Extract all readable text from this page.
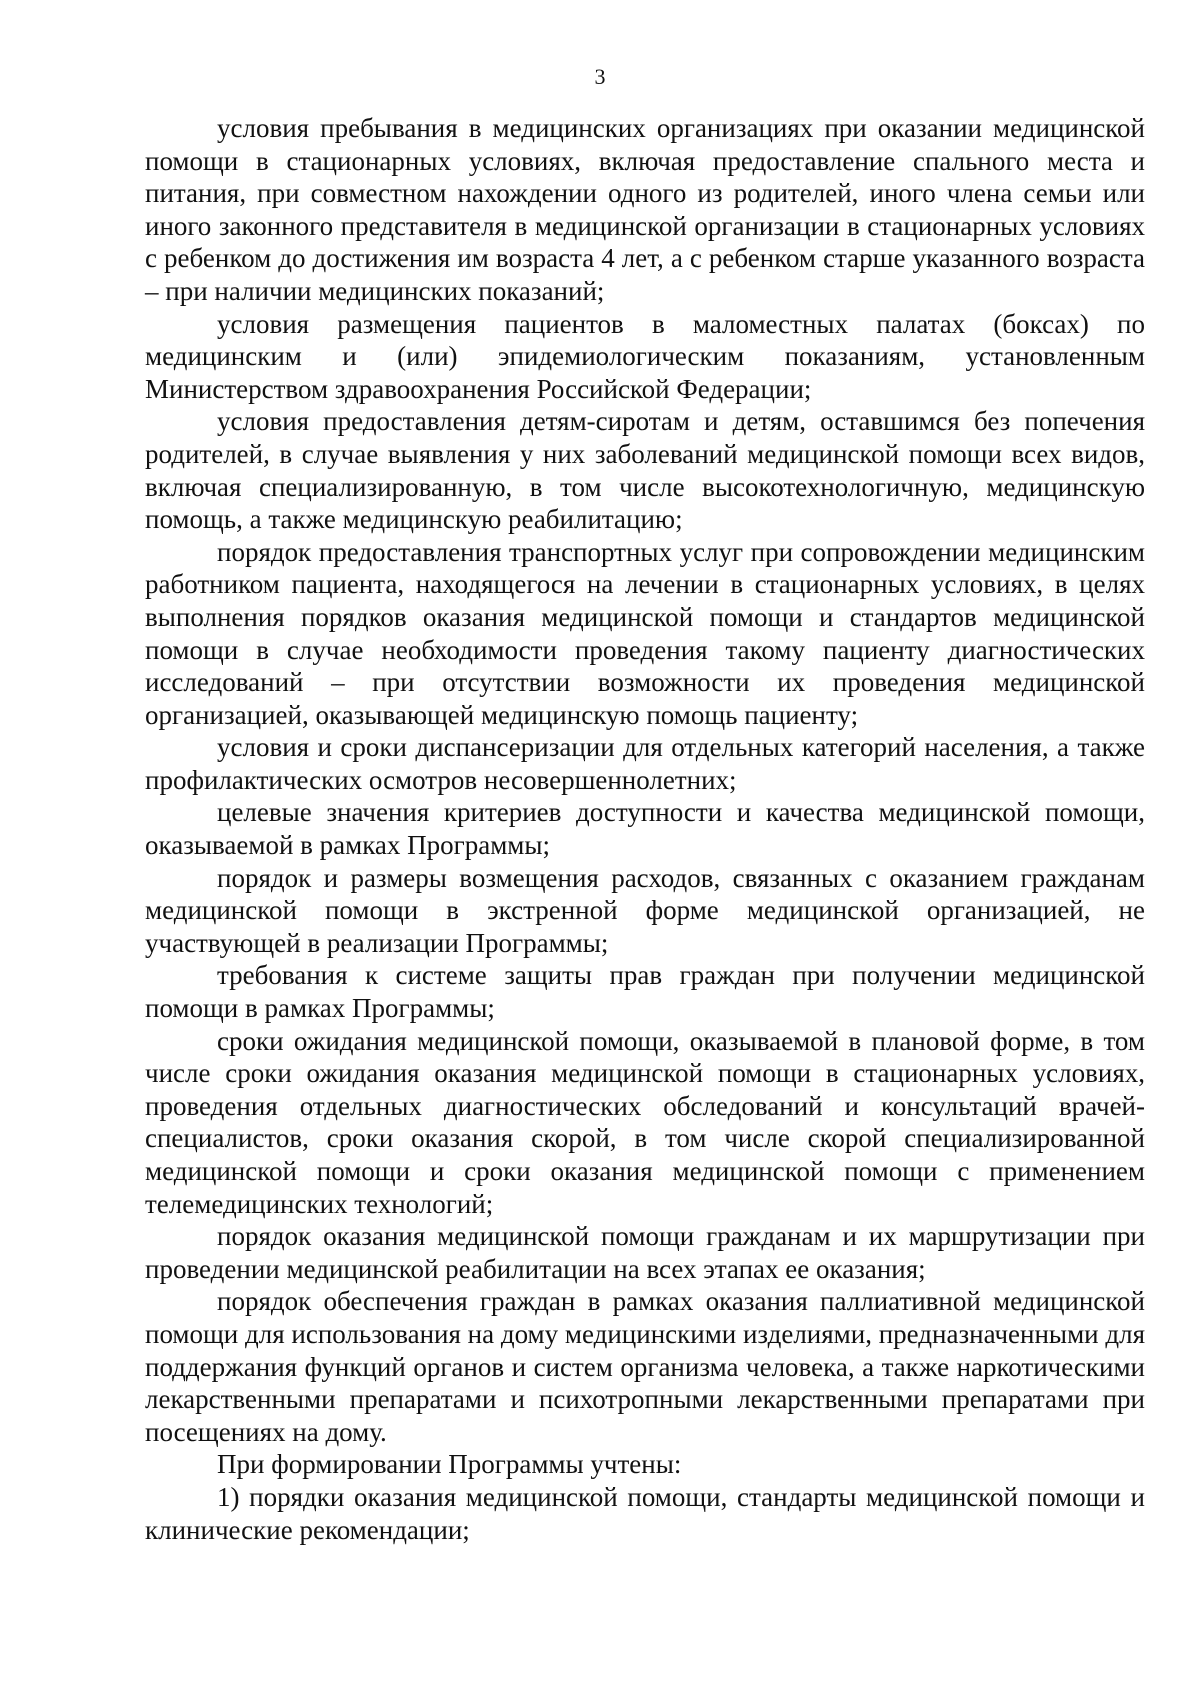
3

условия пребывания в медицинских организациях при оказании медицинской помощи в стационарных условиях, включая предоставление спального места и питания, при совместном нахождении одного из родителей, иного члена семьи или иного законного представителя в медицинской организации в стационарных условиях с ребенком до достижения им возраста 4 лет, а с ребенком старше указанного возраста – при наличии медицинских показаний;

условия размещения пациентов в маломестных палатах (боксах) по медицинским и (или) эпидемиологическим показаниям, установленным Министерством здравоохранения Российской Федерации;

условия предоставления детям-сиротам и детям, оставшимся без попечения родителей, в случае выявления у них заболеваний медицинской помощи всех видов, включая специализированную, в том числе высокотехнологичную, медицинскую помощь, а также медицинскую реабилитацию;

порядок предоставления транспортных услуг при сопровождении медицинским работником пациента, находящегося на лечении в стационарных условиях, в целях выполнения порядков оказания медицинской помощи и стандартов медицинской помощи в случае необходимости проведения такому пациенту диагностических исследований – при отсутствии возможности их проведения медицинской организацией, оказывающей медицинскую помощь пациенту;

условия и сроки диспансеризации для отдельных категорий населения, а также профилактических осмотров несовершеннолетних;

целевые значения критериев доступности и качества медицинской помощи, оказываемой в рамках Программы;

порядок и размеры возмещения расходов, связанных с оказанием гражданам медицинской помощи в экстренной форме медицинской организацией, не участвующей в реализации Программы;

требования к системе защиты прав граждан при получении медицинской помощи в рамках Программы;

сроки ожидания медицинской помощи, оказываемой в плановой форме, в том числе сроки ожидания оказания медицинской помощи в стационарных условиях, проведения отдельных диагностических обследований и консультаций врачей-специалистов, сроки оказания скорой, в том числе скорой специализированной медицинской помощи и сроки оказания медицинской помощи с применением телемедицинских технологий;

порядок оказания медицинской помощи гражданам и их маршрутизации при проведении медицинской реабилитации на всех этапах ее оказания;

порядок обеспечения граждан в рамках оказания паллиативной медицинской помощи для использования на дому медицинскими изделиями, предназначенными для поддержания функций органов и систем организма человека, а также наркотическими лекарственными препаратами и психотропными лекарственными препаратами при посещениях на дому.

При формировании Программы учтены:

1) порядки оказания медицинской помощи, стандарты медицинской помощи и клинические рекомендации;
